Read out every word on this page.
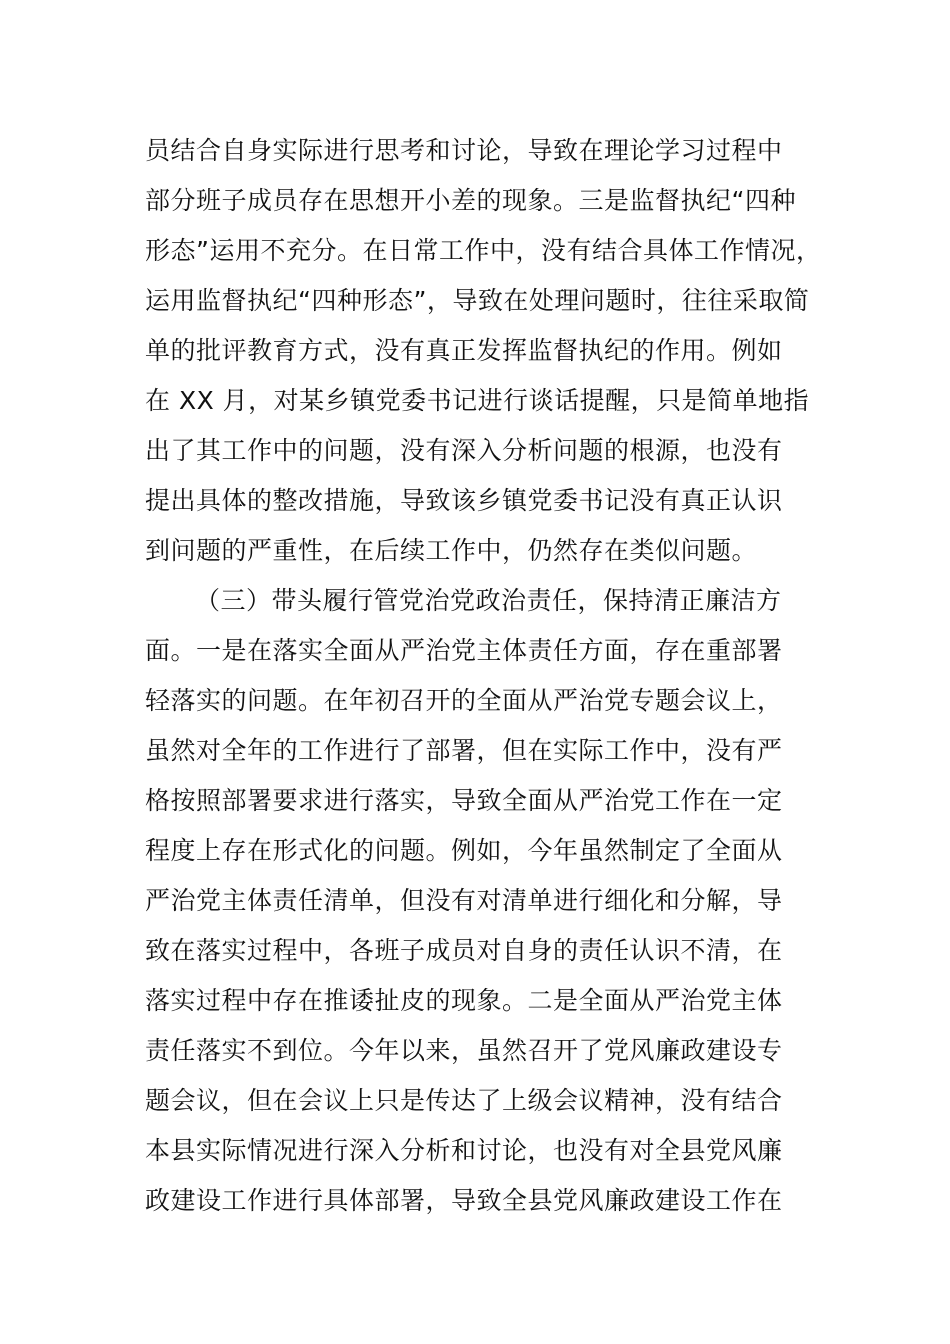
员结合自身实际进行思考和讨论，导致在理论学习过程中
部分班子成员存在思想开小差的现象。三是监督执纪“四种
形态”运用不充分。在日常工作中，没有结合具体工作情况，
运用监督执纪“四种形态”，导致在处理问题时，往往采取简
单的批评教育方式，没有真正发挥监督执纪的作用。例如
在 XX 月，对某乡镇党委书记进行谈话提醒，只是简单地指
出了其工作中的问题，没有深入分析问题的根源，也没有
提出具体的整改措施，导致该乡镇党委书记没有真正认识
到问题的严重性，在后续工作中，仍然存在类似问题。
（三）带头履行管党治党政治责任，保持清正廉洁方
面。一是在落实全面从严治党主体责任方面，存在重部署
轻落实的问题。在年初召开的全面从严治党专题会议上，
虽然对全年的工作进行了部署，但在实际工作中，没有严
格按照部署要求进行落实，导致全面从严治党工作在一定
程度上存在形式化的问题。例如，今年虽然制定了全面从
严治党主体责任清单，但没有对清单进行细化和分解，导
致在落实过程中，各班子成员对自身的责任认识不清，在
落实过程中存在推诿扯皮的现象。二是全面从严治党主体
责任落实不到位。今年以来，虽然召开了党风廉政建设专
题会议，但在会议上只是传达了上级会议精神，没有结合
本县实际情况进行深入分析和讨论，也没有对全县党风廉
政建设工作进行具体部署，导致全县党风廉政建设工作在
